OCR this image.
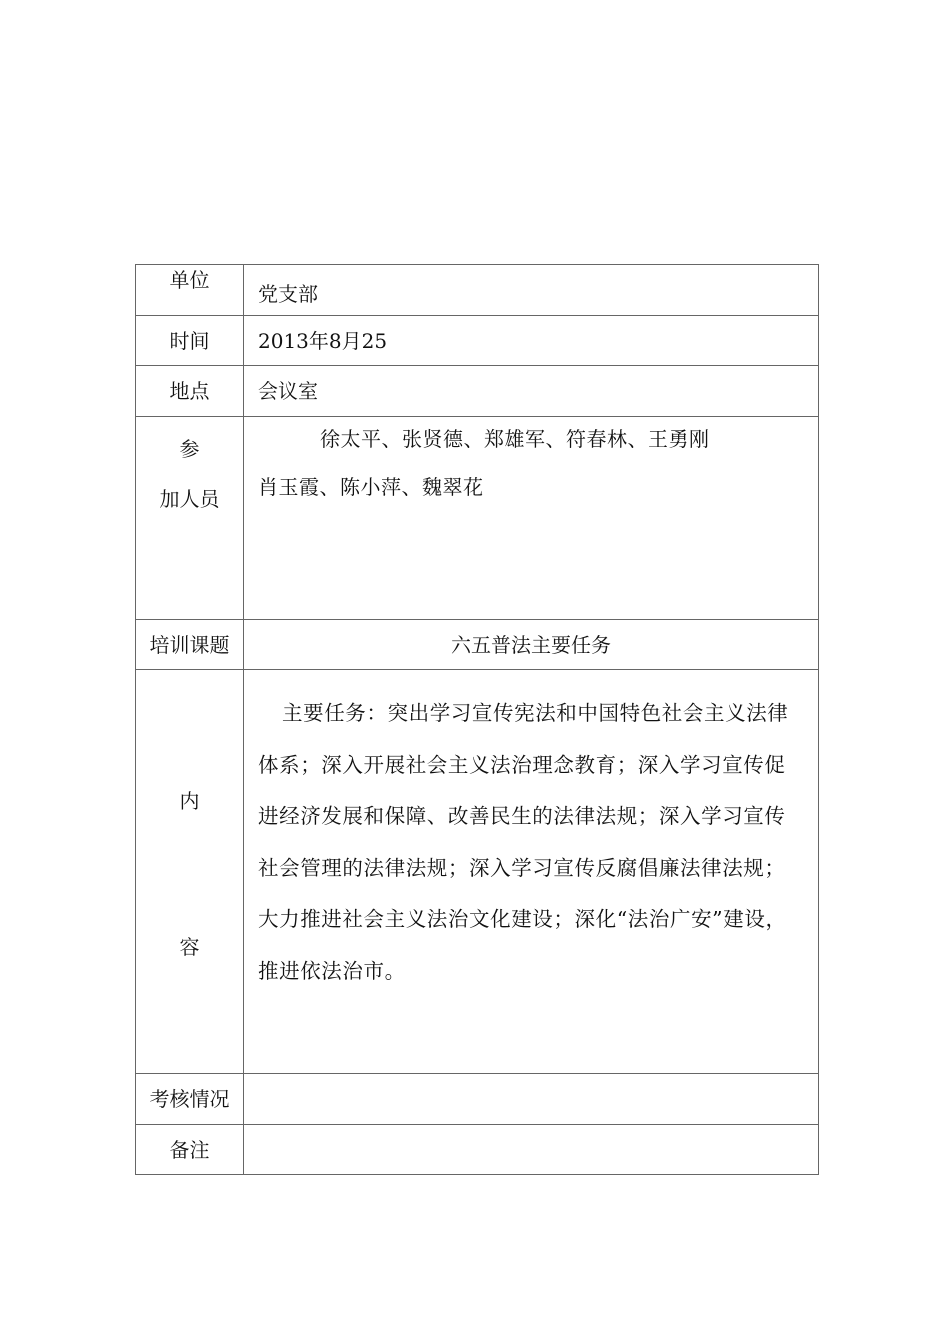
单位	党支部
时间	2013年8月25
地点	会议室

参
加人员	徐太平、张贤德、郑雄军、符春林、王勇刚
肖玉霞、陈小萍、魏翠花

培训课题	六五普法主要任务

内
容	主要任务：突出学习宣传宪法和中国特色社会主义法律体系；深入开展社会主义法治理念教育；深入学习宣传促进经济发展和保障、改善民生的法律法规；深入学习宣传社会管理的法律法规；深入学习宣传反腐倡廉法律法规；大力推进社会主义法治文化建设；深化“法治广安”建设，推进依法治市。

考核情况	
备注	
